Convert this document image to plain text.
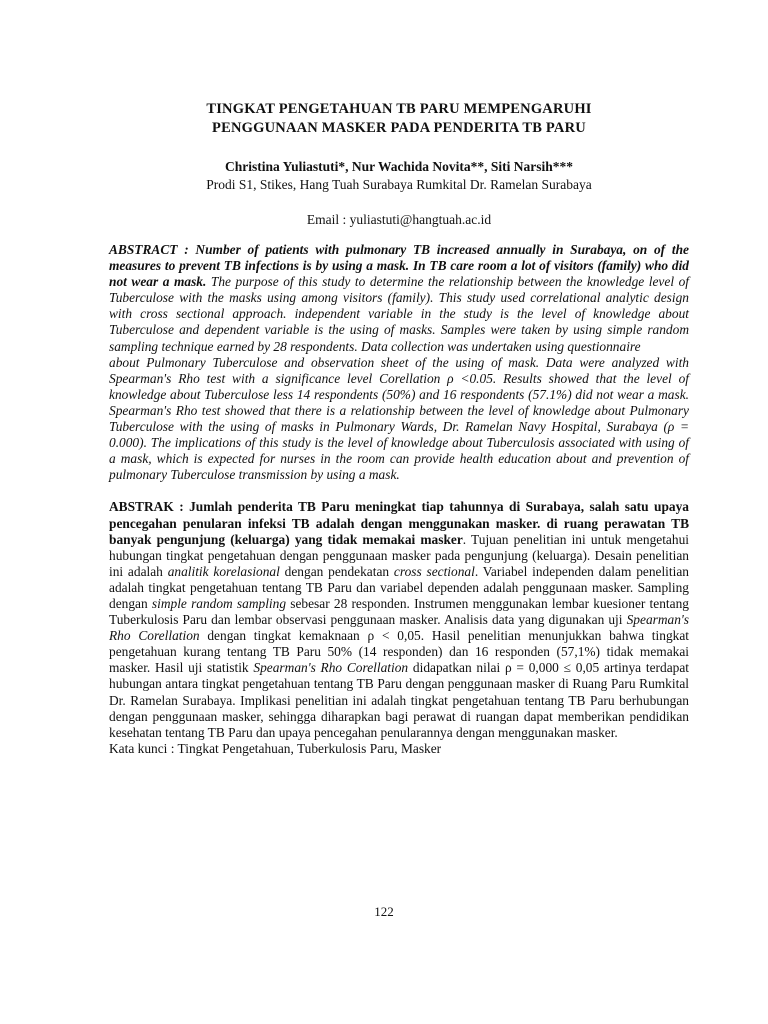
TINGKAT PENGETAHUAN TB PARU MEMPENGARUHI
PENGGUNAAN MASKER PADA PENDERITA TB PARU
Christina Yuliastuti*, Nur Wachida Novita**, Siti Narsih***
Prodi S1, Stikes, Hang Tuah Surabaya Rumkital Dr. Ramelan Surabaya
Email : yuliastuti@hangtuah.ac.id
ABSTRACT : Number of patients with pulmonary TB increased annually in Surabaya, on of the measures to prevent TB infections is by using a mask. In TB care room a lot of visitors (family) who did not wear a mask. The purpose of this study to determine the relationship between the knowledge level of Tuberculose with the masks using among visitors (family). This study used correlational analytic design with cross sectional approach. independent variable in the study is the level of knowledge about Tuberculose and dependent variable is the using of masks. Samples were taken by using simple random sampling technique earned by 28 respondents. Data collection was undertaken using questionnaire
about Pulmonary Tuberculose and observation sheet of the using of mask. Data were analyzed with Spearman's Rho test with a significance level Corellation ρ <0.05. Results showed that the level of knowledge about Tuberculose less 14 respondents (50%) and 16 respondents (57.1%) did not wear a mask. Spearman's Rho test showed that there is a relationship between the level of knowledge about Pulmonary Tuberculose with the using of masks in Pulmonary Wards, Dr. Ramelan Navy Hospital, Surabaya (ρ = 0.000). The implications of this study is the level of knowledge about Tuberculosis associated with using of a mask, which is expected for nurses in the room can provide health education about and prevention of pulmonary Tuberculose transmission by using a mask.
ABSTRAK : Jumlah penderita TB Paru meningkat tiap tahunnya di Surabaya, salah satu upaya pencegahan penularan infeksi TB adalah dengan menggunakan masker. di ruang perawatan TB banyak pengunjung (keluarga) yang tidak memakai masker. Tujuan penelitian ini untuk mengetahui hubungan tingkat pengetahuan dengan penggunaan masker pada pengunjung (keluarga). Desain penelitian ini adalah analitik korelasional dengan pendekatan cross sectional. Variabel independen dalam penelitian adalah tingkat pengetahuan tentang TB Paru dan variabel dependen adalah penggunaan masker. Sampling dengan simple random sampling sebesar 28 responden. Instrumen menggunakan lembar kuesioner tentang Tuberkulosis Paru dan lembar observasi penggunaan masker. Analisis data yang digunakan uji Spearman's Rho Corellation dengan tingkat kemaknaan ρ < 0,05. Hasil penelitian menunjukkan bahwa tingkat pengetahuan kurang tentang TB Paru 50% (14 responden) dan 16 responden (57,1%) tidak memakai masker. Hasil uji statistik Spearman's Rho Corellation didapatkan nilai ρ = 0,000 ≤ 0,05 artinya terdapat hubungan antara tingkat pengetahuan tentang TB Paru dengan penggunaan masker di Ruang Paru Rumkital Dr. Ramelan Surabaya. Implikasi penelitian ini adalah tingkat pengetahuan tentang TB Paru berhubungan dengan penggunaan masker, sehingga diharapkan bagi perawat di ruangan dapat memberikan pendidikan kesehatan tentang TB Paru dan upaya pencegahan penularannya dengan menggunakan masker.
Kata kunci : Tingkat Pengetahuan, Tuberkulosis Paru, Masker
122
